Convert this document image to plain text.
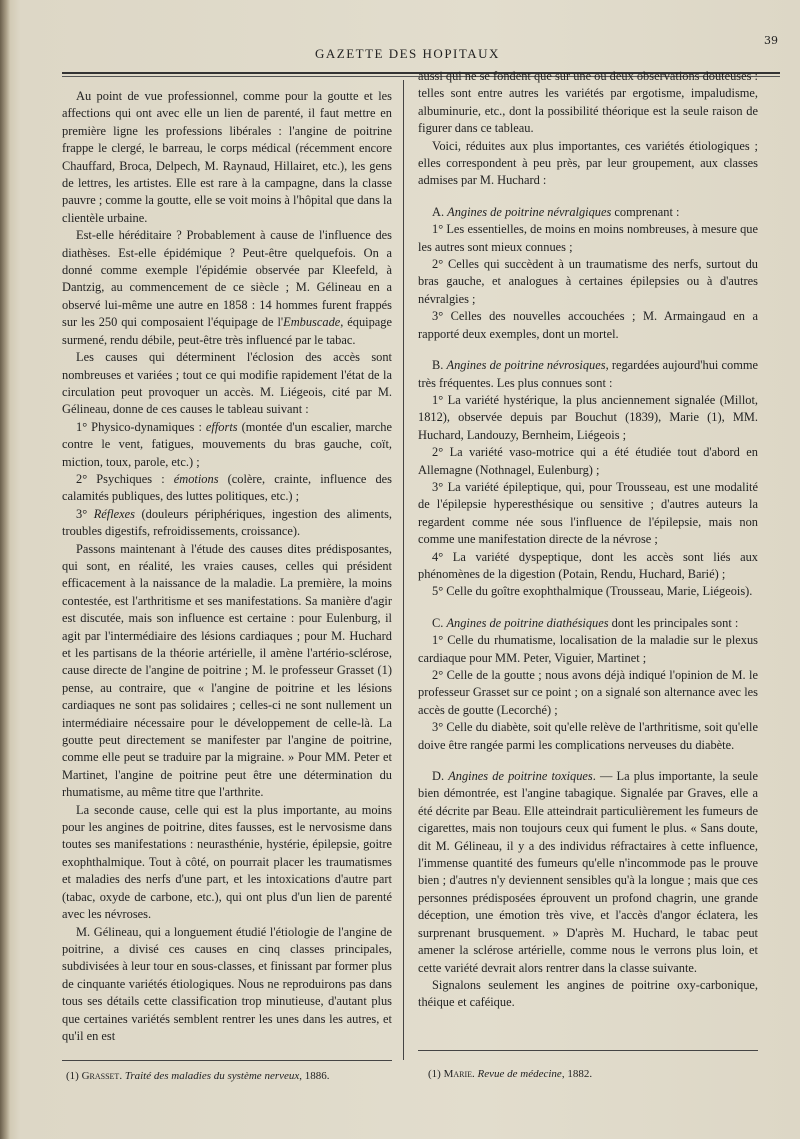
GAZETTE DES HOPITAUX
39

Au point de vue professionnel, comme pour la goutte et les affections qui ont avec elle un lien de parenté, il faut mettre en première ligne les professions libérales : l'angine de poitrine frappe le clergé, le barreau, le corps médical (récemment encore Chauffard, Broca, Delpech, M. Raynaud, Hillairet, etc.), les gens de lettres, les artistes. Elle est rare à la campagne, dans la classe pauvre ; comme la goutte, elle se voit moins à l'hôpital que dans la clientèle urbaine.

Est-elle héréditaire ? Probablement à cause de l'influence des diathèses. Est-elle épidémique ? Peut-être quelquefois. On a donné comme exemple l'épidémie observée par Kleefeld, à Dantzig, au commencement de ce siècle ; M. Gélineau en a observé lui-même une autre en 1858 : 14 hommes furent frappés sur les 250 qui composaient l'équipage de l'Embuscade, équipage surmené, rendu débile, peut-être très influencé par le tabac.

Les causes qui déterminent l'éclosion des accès sont nombreuses et variées ; tout ce qui modifie rapidement l'état de la circulation peut provoquer un accès. M. Liégeois, cité par M. Gélineau, donne de ces causes le tableau suivant :

1° Physico-dynamiques : efforts (montée d'un escalier, marche contre le vent, fatigues, mouvements du bras gauche, coït, miction, toux, parole, etc.) ;

2° Psychiques : émotions (colère, crainte, influence des calamités publiques, des luttes politiques, etc.) ;

3° Réflexes (douleurs périphériques, ingestion des aliments, troubles digestifs, refroidissements, croissance).

Passons maintenant à l'étude des causes dites prédisposantes, qui sont, en réalité, les vraies causes, celles qui président efficacement à la naissance de la maladie. La première, la moins contestée, est l'arthritisme et ses manifestations. Sa manière d'agir est discutée, mais son influence est certaine : pour Eulenburg, il agit par l'intermédiaire des lésions cardiaques ; pour M. Huchard et les partisans de la théorie artérielle, il amène l'artério-sclérose, cause directe de l'angine de poitrine ; M. le professeur Grasset (1) pense, au contraire, que « l'angine de poitrine et les lésions cardiaques ne sont pas solidaires ; celles-ci ne sont nullement un intermédiaire nécessaire pour le développement de celle-là. La goutte peut directement se manifester par l'angine de poitrine, comme elle peut se traduire par la migraine. » Pour MM. Peter et Martinet, l'angine de poitrine peut être une détermination du rhumatisme, au même titre que l'arthrite.

La seconde cause, celle qui est la plus importante, au moins pour les angines de poitrine, dites fausses, est le nervosisme dans toutes ses manifestations : neurasthénie, hystérie, épilepsie, goitre exophthalmique. Tout à côté, on pourrait placer les traumatismes et maladies des nerfs d'une part, et les intoxications d'autre part (tabac, oxyde de carbone, etc.), qui ont plus d'un lien de parenté avec les névroses.

M. Gélineau, qui a longuement étudié l'étiologie de l'angine de poitrine, a divisé ces causes en cinq classes principales, subdivisées à leur tour en sous-classes, et finissant par former plus de cinquante variétés étiologiques. Nous ne reproduirons pas dans tous ses détails cette classification trop minutieuse, d'autant plus que certaines variétés semblent rentrer les unes dans les autres, et qu'il en est

aussi qui ne se fondent que sur une ou deux observations douteuses : telles sont entre autres les variétés par ergotisme, impaludisme, albuminurie, etc., dont la possibilité théorique est la seule raison de figurer dans ce tableau.

Voici, réduites aux plus importantes, ces variétés étiologiques ; elles correspondent à peu près, par leur groupement, aux classes admises par M. Huchard :

A. Angines de poitrine névralgiques comprenant :

1° Les essentielles, de moins en moins nombreuses, à mesure que les autres sont mieux connues ;

2° Celles qui succèdent à un traumatisme des nerfs, surtout du bras gauche, et analogues à certaines épilepsies ou à d'autres névralgies ;

3° Celles des nouvelles accouchées ; M. Armaingaud en a rapporté deux exemples, dont un mortel.

B. Angines de poitrine névrosiques, regardées aujourd'hui comme très fréquentes. Les plus connues sont :

1° La variété hystérique, la plus anciennement signalée (Millot, 1812), observée depuis par Bouchut (1839), Marie (1), MM. Huchard, Landouzy, Bernheim, Liégeois ;

2° La variété vaso-motrice qui a été étudiée tout d'abord en Allemagne (Nothnagel, Eulenburg) ;

3° La variété épileptique, qui, pour Trousseau, est une modalité de l'épilepsie hyperesthésique ou sensitive ; d'autres auteurs la regardent comme née sous l'influence de l'épilepsie, mais non comme une manifestation directe de la névrose ;

4° La variété dyspeptique, dont les accès sont liés aux phénomènes de la digestion (Potain, Rendu, Huchard, Barié) ;

5° Celle du goître exophthalmique (Trousseau, Marie, Liégeois).

C. Angines de poitrine diathésiques dont les principales sont :

1° Celle du rhumatisme, localisation de la maladie sur le plexus cardiaque pour MM. Peter, Viguier, Martinet ;

2° Celle de la goutte ; nous avons déjà indiqué l'opinion de M. le professeur Grasset sur ce point ; on a signalé son alternance avec les accès de goutte (Lecorché) ;

3° Celle du diabète, soit qu'elle relève de l'arthritisme, soit qu'elle doive être rangée parmi les complications nerveuses du diabète.

D. Angines de poitrine toxiques. — La plus importante, la seule bien démontrée, est l'angine tabagique. Signalée par Graves, elle a été décrite par Beau. Elle atteindrait particulièrement les fumeurs de cigarettes, mais non toujours ceux qui fument le plus. « Sans doute, dit M. Gélineau, il y a des individus réfractaires à cette influence, l'immense quantité des fumeurs qu'elle n'incommode pas le prouve bien ; d'autres n'y deviennent sensibles qu'à la longue ; mais que ces personnes prédisposées éprouvent un profond chagrin, une grande déception, une émotion très vive, et l'accès d'angor éclatera, les surprenant brusquement. » D'après M. Huchard, le tabac peut amener la sclérose artérielle, comme nous le verrons plus loin, et cette variété devrait alors rentrer dans la classe suivante.

Signalons seulement les angines de poitrine oxy-carbonique, théique et caféique.

(1) Grasset. Traité des maladies du système nerveux, 1886.	(1) Marie. Revue de médecine, 1882.
